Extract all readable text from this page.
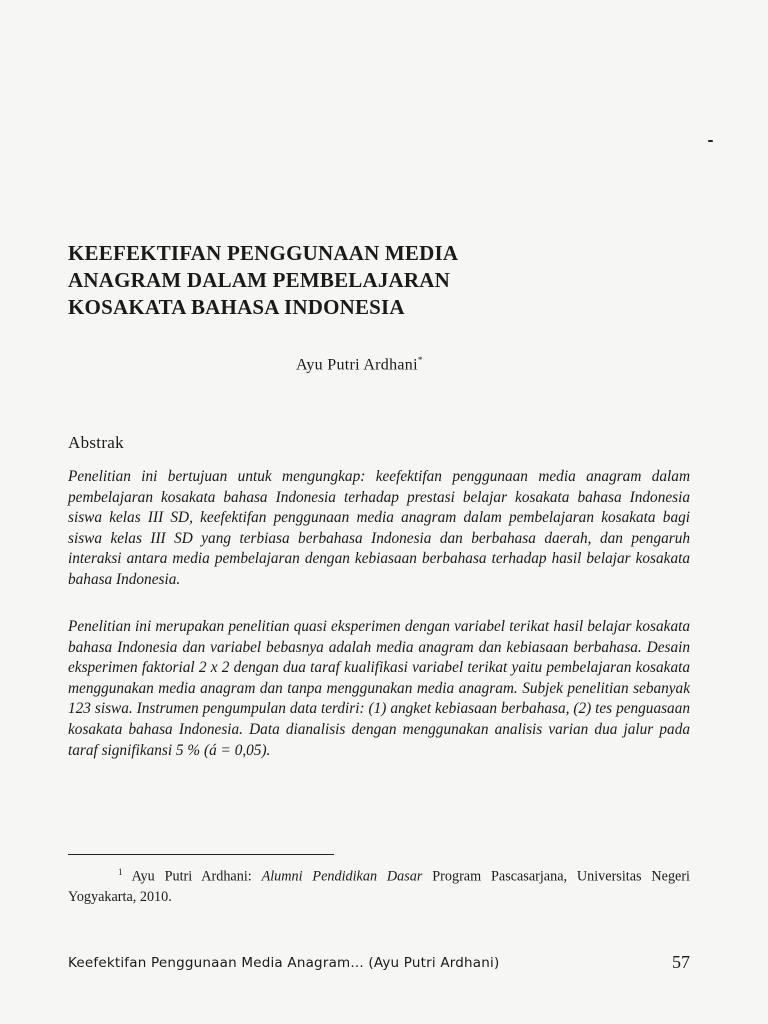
KEEFEKTIFAN PENGGUNAAN MEDIA
ANAGRAM DALAM PEMBELAJARAN
KOSAKATA BAHASA INDONESIA
Ayu Putri Ardhani*
Abstrak

Penelitian ini bertujuan untuk mengungkap: keefektifan penggunaan media anagram dalam pembelajaran kosakata bahasa Indonesia terhadap prestasi belajar kosakata bahasa Indonesia siswa kelas III SD, keefektifan penggunaan media anagram dalam pembelajaran kosakata bagi siswa kelas III SD yang terbiasa berbahasa Indonesia dan berbahasa daerah, dan pengaruh interaksi antara media pembelajaran dengan kebiasaan berbahasa terhadap hasil belajar kosakata bahasa Indonesia.

Penelitian ini merupakan penelitian quasi eksperimen dengan variabel terikat hasil belajar kosakata bahasa Indonesia dan variabel bebasnya adalah media anagram dan kebiasaan berbahasa. Desain eksperimen faktorial 2 x 2 dengan dua taraf kualifikasi variabel terikat yaitu pembelajaran kosakata menggunakan media anagram dan tanpa menggunakan media anagram. Subjek penelitian sebanyak 123 siswa. Instrumen pengumpulan data terdiri: (1) angket kebiasaan berbahasa, (2) tes penguasaan kosakata bahasa Indonesia. Data dianalisis dengan menggunakan analisis varian dua jalur pada taraf signifikansi 5 % (á = 0,05).

$^1$ Ayu Putri Ardhani: Alumni Pendidikan Dasar Program Pascasarjana, Universitas Negeri Yogyakarta, 2010.

Keefektifan Penggunaan Media Anagram... (Ayu Putri Ardhani)	57
